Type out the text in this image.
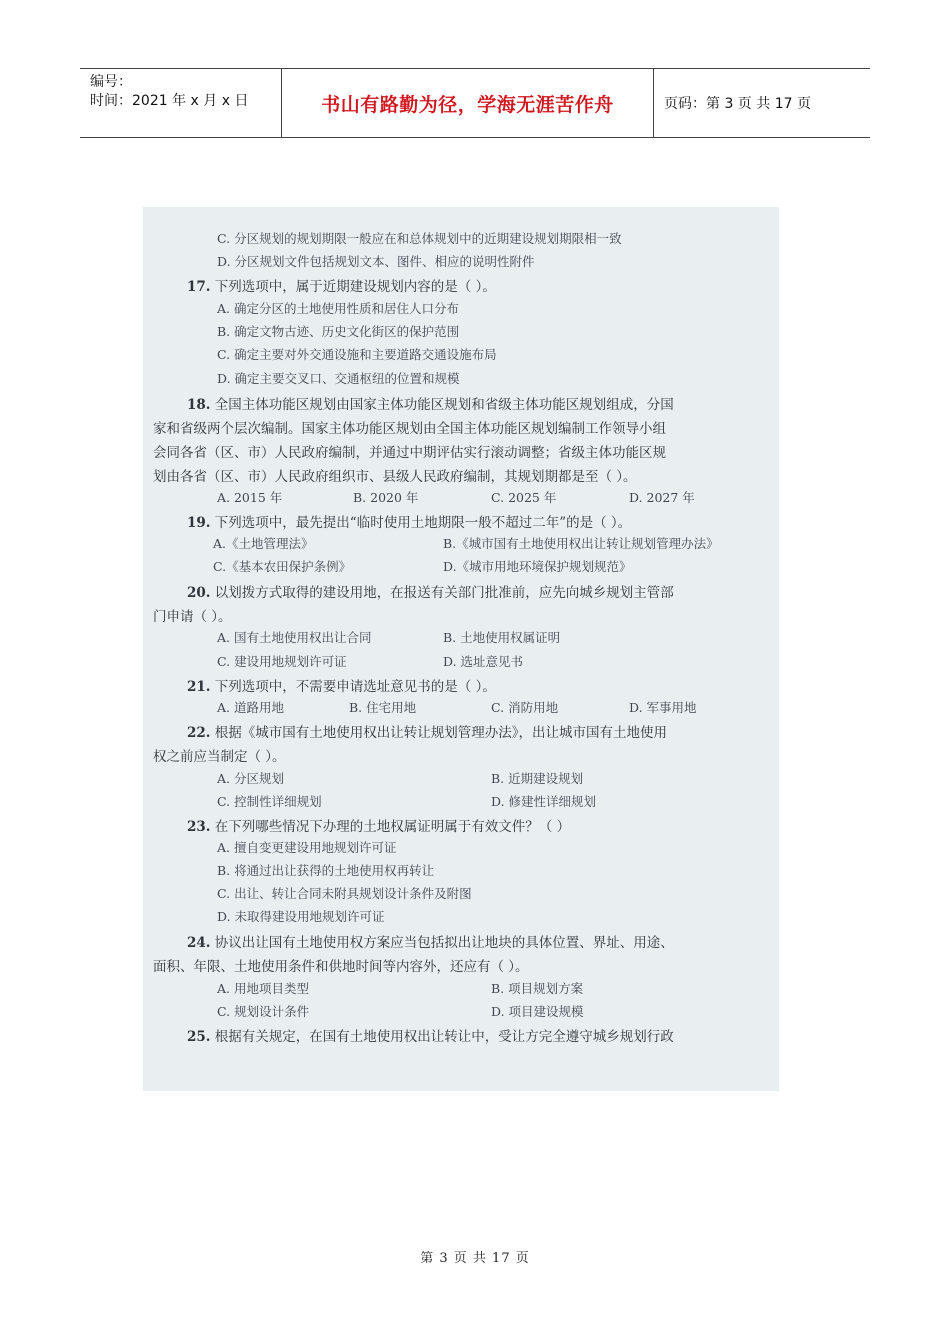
编号：
时间：2021 年 x 月 x 日	书山有路勤为径，学海无涯苦作舟	页码：第 3 页 共 17 页
C. 分区规划的规划期限一般应在和总体规划中的近期建设规划期限相一致
D. 分区规划文件包括规划文本、图件、相应的说明性附件
17. 下列选项中，属于近期建设规划内容的是（ ）。
A. 确定分区的土地使用性质和居住人口分布
B. 确定文物古迹、历史文化街区的保护范围
C. 确定主要对外交通设施和主要道路交通设施布局
D. 确定主要交叉口、交通枢纽的位置和规模
18. 全国主体功能区规划由国家主体功能区规划和省级主体功能区规划组成，分国
家和省级两个层次编制。国家主体功能区规划由全国主体功能区规划编制工作领导小组
会同各省（区、市）人民政府编制，并通过中期评估实行滚动调整；省级主体功能区规
划由各省（区、市）人民政府组织市、县级人民政府编制，其规划期都是至（ ）。
A. 2015 年	B. 2020 年	C. 2025 年	D. 2027 年
19. 下列选项中，最先提出“临时使用土地期限一般不超过二年”的是（ ）。
A.《土地管理法》	B.《城市国有土地使用权出让转让规划管理办法》
C.《基本农田保护条例》	D.《城市用地环境保护规划规范》
20. 以划拨方式取得的建设用地，在报送有关部门批准前，应先向城乡规划主管部
门申请（ ）。
A. 国有土地使用权出让合同	B. 土地使用权属证明
C. 建设用地规划许可证	D. 选址意见书
21. 下列选项中，不需要申请选址意见书的是（ ）。
A. 道路用地	B. 住宅用地	C. 消防用地	D. 军事用地
22. 根据《城市国有土地使用权出让转让规划管理办法》，出让城市国有土地使用
权之前应当制定（ ）。
A. 分区规划	B. 近期建设规划
C. 控制性详细规划	D. 修建性详细规划
23. 在下列哪些情况下办理的土地权属证明属于有效文件？（ ）
A. 擅自变更建设用地规划许可证
B. 将通过出让获得的土地使用权再转让
C. 出让、转让合同未附具规划设计条件及附图
D. 未取得建设用地规划许可证
24. 协议出让国有土地使用权方案应当包括拟出让地块的具体位置、界址、用途、
面积、年限、土地使用条件和供地时间等内容外，还应有（ ）。
A. 用地项目类型	B. 项目规划方案
C. 规划设计条件	D. 项目建设规模
25. 根据有关规定，在国有土地使用权出让转让中，受让方完全遵守城乡规划行政
第 3 页 共 17 页
